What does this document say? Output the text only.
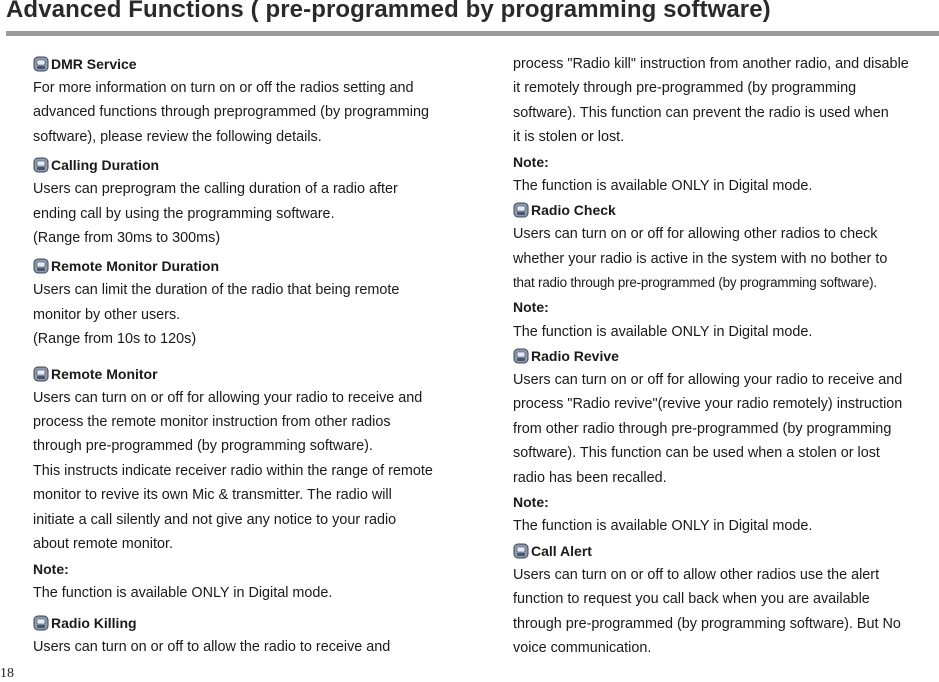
Advanced Functions ( pre-programmed by programming software)
DMR Service

For more information on turn on or off the radios setting and

advanced functions through preprogrammed (by programming

software), please review the following details.

Calling Duration

Users can preprogram the calling duration of a radio after

ending call by using the programming software.

(Range from 30ms to 300ms)

Remote Monitor Duration

Users can limit the duration of the radio that being remote

monitor by other users.

(Range from 10s to 120s)

Remote Monitor

Users can turn on or off for allowing your radio to receive and

process the remote monitor instruction from other radios

through pre-programmed (by programming software).

This instructs indicate receiver radio within the range of remote

monitor to revive its own Mic & transmitter. The radio will

initiate a call silently and not give any notice to your radio

about remote monitor.

Note:

The function is available ONLY in Digital mode.

Radio Killing

Users can turn on or off to allow the radio to receive and

process "Radio kill" instruction from another radio, and disable

it remotely through pre-programmed (by programming

software). This function can prevent the radio is used when

it is stolen or lost.

Note:

The function is available ONLY in Digital mode.

Radio Check

Users can turn on or off for allowing other radios to check

whether your radio is active in the system with no bother to

that radio through pre-programmed (by programming software).

Note:

The function is available ONLY in Digital mode.

Radio Revive

Users can turn on or off for allowing your radio to receive and

process "Radio revive"(revive your radio remotely) instruction

from other radio through pre-programmed (by programming

software). This function can be used when a stolen or lost

radio has been recalled.

Note:

The function is available ONLY in Digital mode.

Call Alert

Users can turn on or off to allow other radios use the alert

function to request you call back when you are available

through pre-programmed (by programming software). But No

voice communication.

18
